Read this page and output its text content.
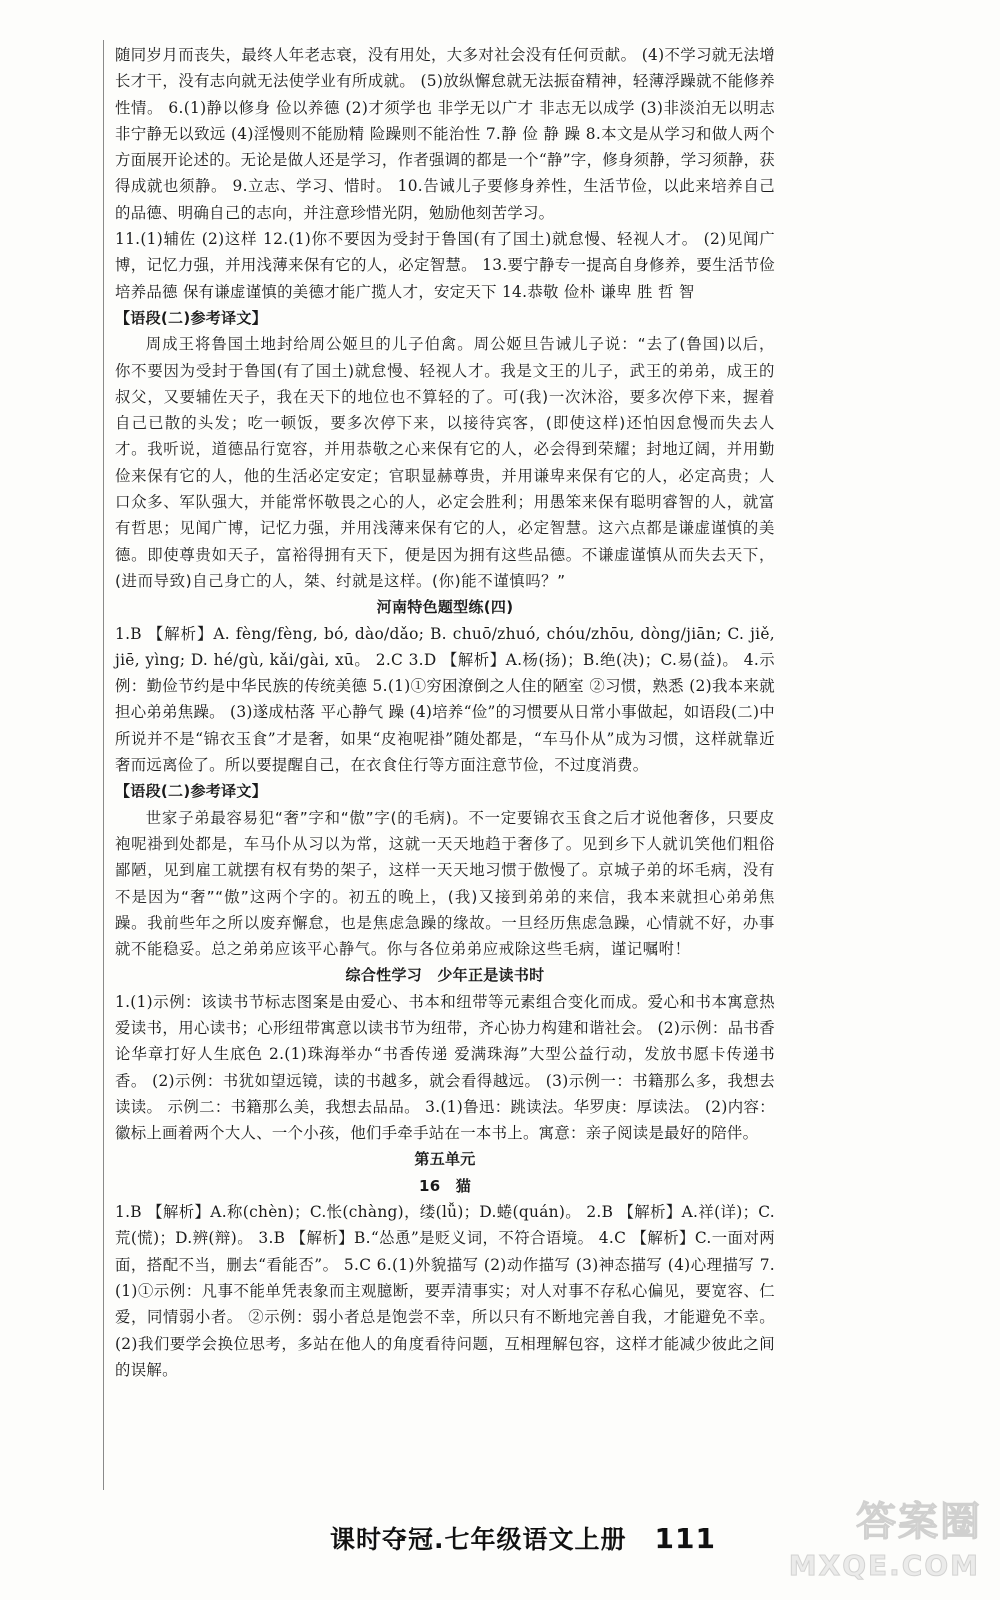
随同岁月而丧失，最终人年老志衰，没有用处，大多对社会没有任何贡献。 (4)不学习就无法增长才干，没有志向就无法使学业有所成就。 (5)放纵懈怠就无法振奋精神，轻薄浮躁就不能修养性情。 6.(1)静以修身 俭以养德 (2)才须学也 非学无以广才 非志无以成学 (3)非淡泊无以明志 非宁静无以致远 (4)淫慢则不能励精 险躁则不能治性 7.静 俭 静 躁 8.本文是从学习和做人两个方面展开论述的。无论是做人还是学习，作者强调的都是一个“静”字，修身须静，学习须静，获得成就也须静。 9.立志、学习、惜时。 10.告诫儿子要修身养性，生活节俭，以此来培养自己的品德、明确自己的志向，并注意珍惜光阴，勉励他刻苦学习。

11.(1)辅佐 (2)这样 12.(1)你不要因为受封于鲁国(有了国土)就怠慢、轻视人才。 (2)见闻广博，记忆力强，并用浅薄来保有它的人，必定智慧。 13.要宁静专一提高自身修养，要生活节俭培养品德 保有谦虚谨慎的美德才能广揽人才，安定天下 14.恭敬 俭朴 谦卑 胜 哲 智

【语段(二)参考译文】

周成王将鲁国土地封给周公姬旦的儿子伯禽。周公姬旦告诫儿子说：“去了(鲁国)以后，你不要因为受封于鲁国(有了国土)就怠慢、轻视人才。我是文王的儿子，武王的弟弟，成王的叔父，又要辅佐天子，我在天下的地位也不算轻的了。可(我)一次沐浴，要多次停下来，握着自己已散的头发；吃一顿饭，要多次停下来，以接待宾客，(即使这样)还怕因怠慢而失去人才。我听说，道德品行宽容，并用恭敬之心来保有它的人，必会得到荣耀；封地辽阔，并用勤俭来保有它的人，他的生活必定安定；官职显赫尊贵，并用谦卑来保有它的人，必定高贵；人口众多、军队强大，并能常怀敬畏之心的人，必定会胜利；用愚笨来保有聪明睿智的人，就富有哲思；见闻广博，记忆力强，并用浅薄来保有它的人，必定智慧。这六点都是谦虚谨慎的美德。即使尊贵如天子，富裕得拥有天下，便是因为拥有这些品德。不谦虚谨慎从而失去天下，(进而导致)自己身亡的人，桀、纣就是这样。(你)能不谨慎吗？”

河南特色题型练(四)

1.B 【解析】A. fèng/fèng, bó, dào/dǎo; B. chuō/zhuó, chóu/zhōu, dòng/jiān; C. jiě, jiē, yìng; D. hé/gù, kǎi/gài, xū。 2.C 3.D 【解析】A.杨(扬)；B.绝(决)；C.易(益)。 4.示例：勤俭节约是中华民族的传统美德 5.(1)①穷困潦倒之人住的陋室 ②习惯，熟悉 (2)我本来就担心弟弟焦躁。 (3)遂成枯落 平心静气 躁 (4)培养“俭”的习惯要从日常小事做起，如语段(二)中所说并不是“锦衣玉食”才是奢，如果“皮袍呢褂”随处都是，“车马仆从”成为习惯，这样就靠近奢而远离俭了。所以要提醒自己，在衣食住行等方面注意节俭，不过度消费。

【语段(二)参考译文】

世家子弟最容易犯“奢”字和“傲”字(的毛病)。不一定要锦衣玉食之后才说他奢侈，只要皮袍呢褂到处都是，车马仆从习以为常，这就一天天地趋于奢侈了。见到乡下人就讥笑他们粗俗鄙陋，见到雇工就摆有权有势的架子，这样一天天地习惯于傲慢了。京城子弟的坏毛病，没有不是因为“奢”“傲”这两个字的。初五的晚上，(我)又接到弟弟的来信，我本来就担心弟弟焦躁。我前些年之所以废弃懈怠，也是焦虑急躁的缘故。一旦经历焦虑急躁，心情就不好，办事就不能稳妥。总之弟弟应该平心静气。你与各位弟弟应戒除这些毛病，谨记嘱咐！

综合性学习　少年正是读书时

1.(1)示例：该读书节标志图案是由爱心、书本和纽带等元素组合变化而成。爱心和书本寓意热爱读书，用心读书；心形纽带寓意以读书节为纽带，齐心协力构建和谐社会。 (2)示例：品书香论华章打好人生底色 2.(1)珠海举办“书香传递 爱满珠海”大型公益行动，发放书愿卡传递书香。 (2)示例：书犹如望远镜，读的书越多，就会看得越远。 (3)示例一：书籍那么多，我想去读读。 示例二：书籍那么美，我想去品品。 3.(1)鲁迅：跳读法。华罗庚：厚读法。 (2)内容：徽标上画着两个大人、一个小孩，他们手牵手站在一本书上。寓意：亲子阅读是最好的陪伴。

第五单元

16　猫

1.B 【解析】A.称(chèn)；C.怅(chàng)，缕(lǚ)；D.蜷(quán)。 2.B 【解析】A.祥(详)；C.荒(慌)；D.辨(辩)。 3.B 【解析】B.“怂恿”是贬义词，不符合语境。 4.C 【解析】C.一面对两面，搭配不当，删去“看能否”。 5.C 6.(1)外貌描写 (2)动作描写 (3)神态描写 (4)心理描写 7.(1)①示例：凡事不能单凭表象而主观臆断，要弄清事实；对人对事不存私心偏见，要宽容、仁爱，同情弱小者。 ②示例：弱小者总是饱尝不幸，所以只有不断地完善自我，才能避免不幸。 (2)我们要学会换位思考，多站在他人的角度看待问题，互相理解包容，这样才能减少彼此之间的误解。

课时夺冠.七年级语文上册 111	答案圈
MXQE.COM
